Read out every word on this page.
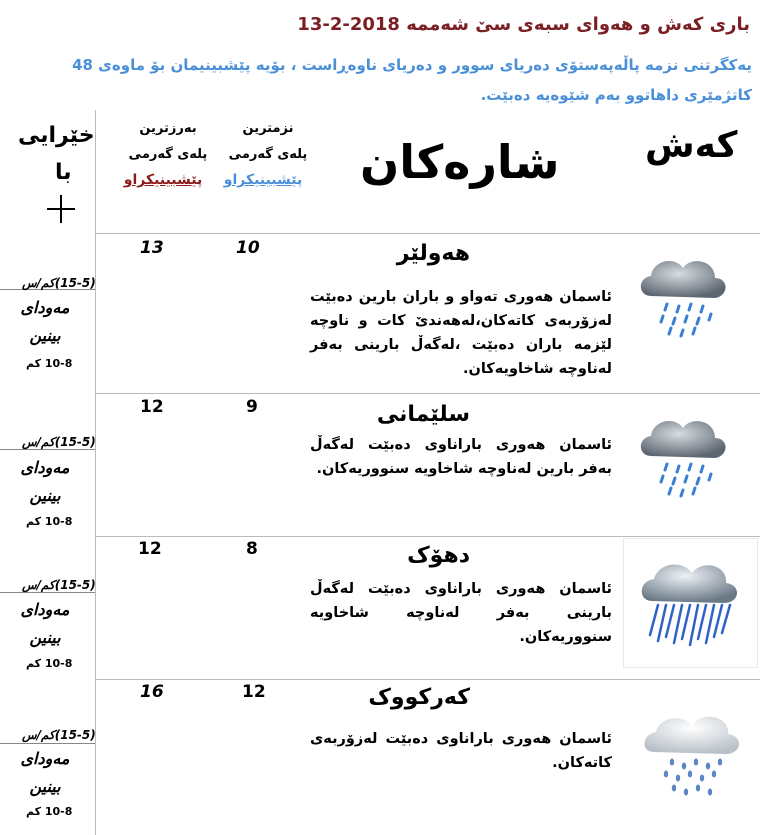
باری کەش و هەوای سبەی سێ شەممە 2018-2-13
یەکگرتنی نزمە پاڵەپەستۆی دەریای سوور و دەریای ناوەڕاست ، بۆیە پێشبینیمان بۆ ماوەی 48 کاتژمێری داهاتوو بەم شێوەیە دەبێت.
کەش
شارەکان
نزمترین
پلەی گەرمی
پێشبینیکراو
بەرزترین
پلەی گەرمی
پێشبینیکراو
خێرایی
با
13	10	هەولێر
ئاسمان هەوری تەواو و باران بارین دەبێت لەزۆربەی کاتەکان،لەهەندێ کات و ناوچە لێزمە باران دەبێت ،لەگەڵ بارینی بەفر لەناوچە شاخاویەکان.
(15-5)کم/س
مەودای
بینین
10-8 کم
12	9	سلێمانی
ئاسمان هەوری باراناوی دەبێت لەگەڵ بەفر بارین لەناوچە شاخاویە سنووریەکان.
(15-5)کم/س
مەودای
بینین
10-8 کم
12	8	دهۆک
ئاسمان هەوری باراناوی دەبێت لەگەڵ بارینی بەفر لەناوچە شاخاویە سنووریەکان.
(15-5)کم/س
مەودای
بینین
10-8 کم
16	12	کەرکووک
ئاسمان هەوری باراناوی دەبێت لەزۆربەی کاتەکان.
(15-5)کم/س
مەودای
بینین
10-8 کم
